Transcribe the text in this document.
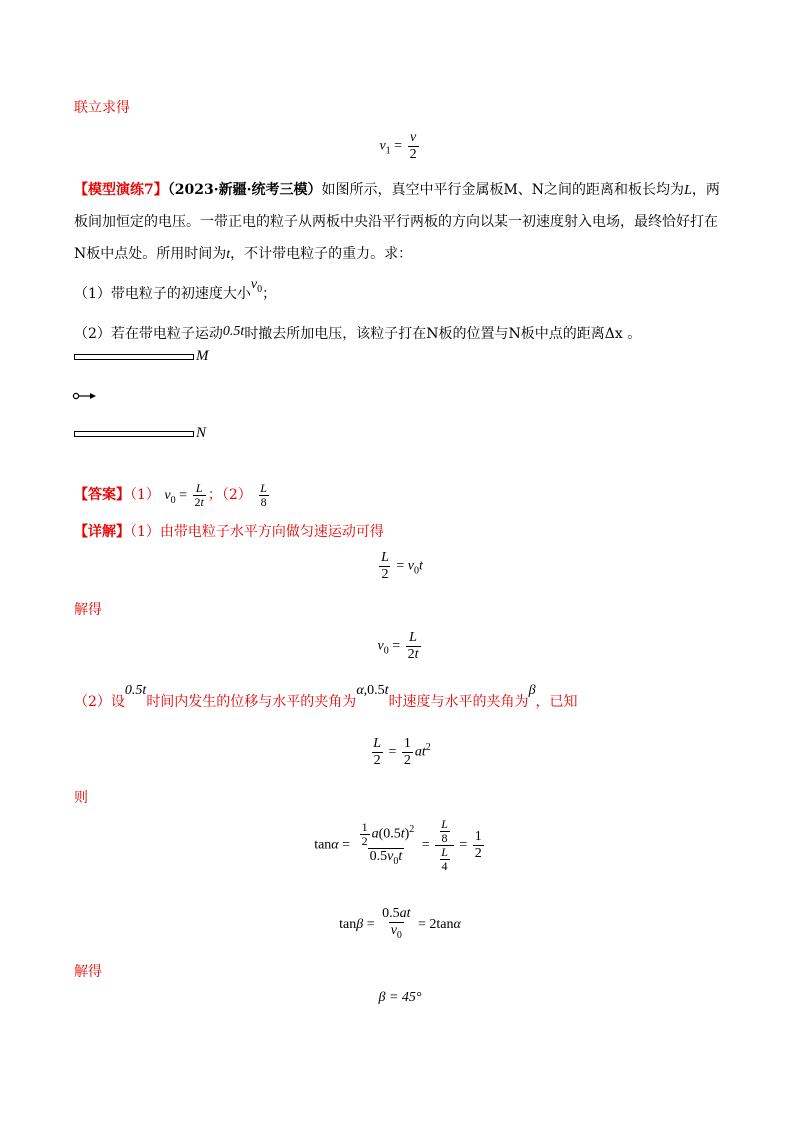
联立求得
$v_1 = \frac{v}{2}$
【模型演练7】（2023·新疆·统考三模）如图所示，真空中平行金属板M、N之间的距离和板长均为L，两
板间加恒定的电压。一带正电的粒子从两板中央沿平行两板的方向以某一初速度射入电场，最终恰好打在
N板中点处。所用时间为t，不计带电粒子的重力。求：
（1）带电粒子的初速度大小$v_0$；
（2）若在带电粒子运动0.5t时撤去所加电压，该粒子打在N板的位置与N板中点的距离Δx 。
M
N
【答案】（1） $v_0 = \frac{L}{2t}$ ；$(2) \frac{L}{8}$
【详解】（1）由带电粒子水平方向做匀速运动可得
$\frac{L}{2} = v_0t$
解得
$v_0 = \frac{L}{2t}$
（2）设0.5t时间内发生的位移与水平的夹角为α,0.5t时速度与水平的夹角为β，已知
$\frac{L}{2} = \frac{1}{2} at^2$
则
$\tan\alpha = \frac{\frac{1}{2} a(0.5t)^2}{0.5v_0t} = \frac{\frac{L}{8}}{\frac{L}{4}} = \frac{1}{2}$
$\tan\beta = \frac{0.5at}{v_0} = 2\tan\alpha$
解得
β = 45°
